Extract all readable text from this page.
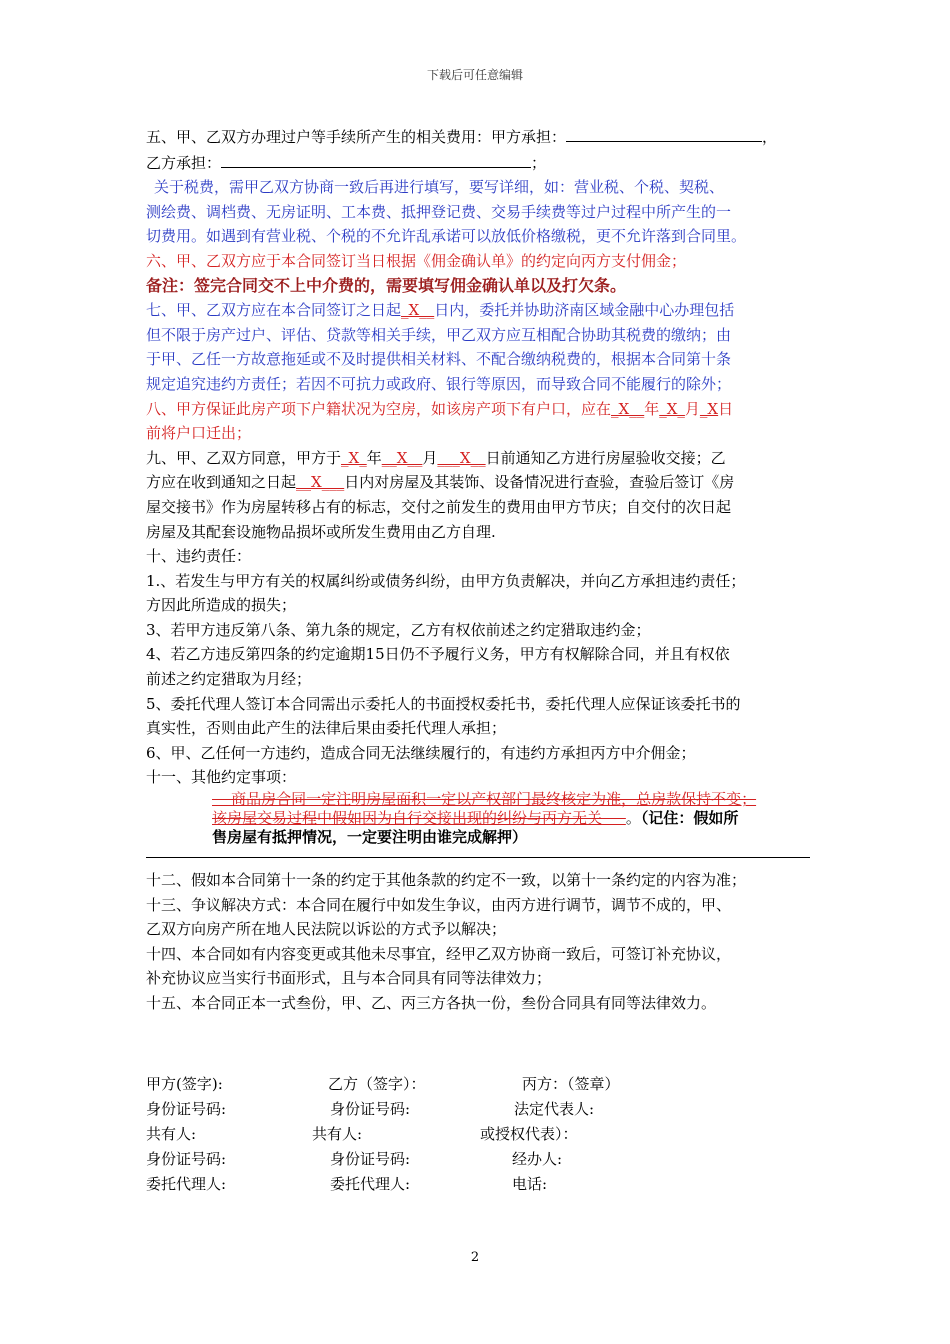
下载后可任意编辑

五、甲、乙双方办理过户等手续所产生的相关费用：甲方承担：	，

乙方承担：	；

关于税费，需甲乙双方协商一致后再进行填写，要写详细，如：营业税、个税、契税、

测绘费、调档费、无房证明、工本费、抵押登记费、交易手续费等过户过程中所产生的一

切费用。如遇到有营业税、个税的不允许乱承诺可以放低价格缴税，更不允许落到合同里。

六、甲、乙双方应于本合同签订当日根据《佣金确认单》的约定向丙方支付佣金；

备注：签完合同交不上中介费的，需要填写佣金确认单以及打欠条。

七、甲、乙双方应在本合同签订之日起_X__日内，委托并协助济南区域金融中心办理包括

但不限于房产过户、评估、贷款等相关手续，甲乙双方应互相配合协助其税费的缴纳；由

于甲、乙任一方故意拖延或不及时提供相关材料、不配合缴纳税费的，根据本合同第十条

规定追究违约方责任；若因不可抗力或政府、银行等原因，而导致合同不能履行的除外；

八、甲方保证此房产项下户籍状况为空房，如该房产项下有户口，应在_X__年_X_月_X日

前将户口迁出；

九、甲、乙双方同意，甲方于_X_年__X__月___X__日前通知乙方进行房屋验收交接；乙

方应在收到通知之日起__X___日内对房屋及其装饰、设备情况进行查验，查验后签订《房

屋交接书》作为房屋转移占有的标志，交付之前发生的费用由甲方节庆；自交付的次日起

房屋及其配套设施物品损坏或所发生费用由乙方自理.

十、违约责任：

1.、若发生与甲方有关的权属纠纷或债务纠纷，由甲方负责解决，并向乙方承担违约责任；

方因此所造成的损失；

3、若甲方违反第八条、第九条的规定，乙方有权依前述之约定猎取违约金；

4、若乙方违反第四条的约定逾期15日仍不予履行义务，甲方有权解除合同，并且有权依

前述之约定猎取为月经；

5、委托代理人签订本合同需出示委托人的书面授权委托书，委托代理人应保证该委托书的

真实性，否则由此产生的法律后果由委托代理人承担；

6、甲、乙任何一方违约，造成合同无法继续履行的，有违约方承担丙方中介佣金；

十一、其他约定事项：

商品房合同一定注明房屋面积一定以产权部门最终核定为准，总房款保持不变；
该房屋交易过程中假如因为自行交接出现的纠纷与丙方无关 。（记住：假如所
售房屋有抵押情况，一定要注明由谁完成解押）

十二、假如本合同第十一条的约定于其他条款的约定不一致，以第十一条约定的内容为准；

十三、争议解决方式：本合同在履行中如发生争议，由丙方进行调节，调节不成的，甲、

乙双方向房产所在地人民法院以诉讼的方式予以解决；

十四、本合同如有内容变更或其他未尽事宜，经甲乙双方协商一致后，可签订补充协议，

补充协议应当实行书面形式，且与本合同具有同等法律效力；

十五、本合同正本一式叁份，甲、乙、丙三方各执一份，叁份合同具有同等法律效力。

甲方(签字):	乙方（签字）：	丙方：（签章）
身份证号码:	身份证号码:	法定代表人:
共有人:	共有人:	或授权代表）：
身份证号码:	身份证号码:	经办人:
委托代理人:	委托代理人:	电话:
2
